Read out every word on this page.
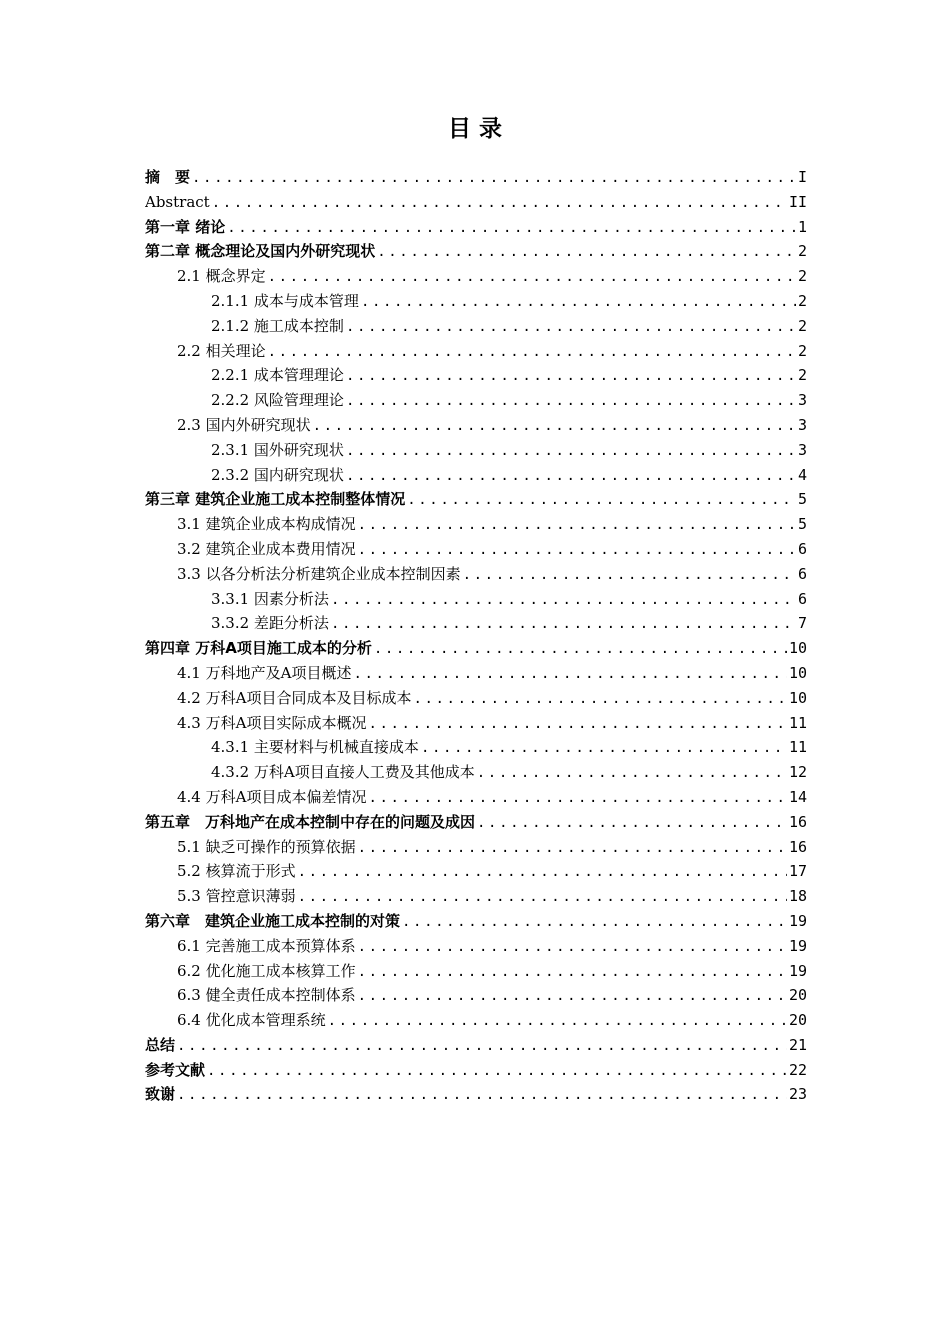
目 录
摘　要 .....	I
Abstract .....	II
第一章 绪论 .....	1
第二章 概念理论及国内外研究现状 .....	2
2.1 概念界定 .....	2
2.1.1 成本与成本管理 .....	2
2.1.2 施工成本控制 .....	2
2.2 相关理论 .....	2
2.2.1 成本管理理论 .....	2
2.2.2 风险管理理论 .....	3
2.3 国内外研究现状 .....	3
2.3.1 国外研究现状 .....	3
2.3.2 国内研究现状 .....	4
第三章 建筑企业施工成本控制整体情况 .....	5
3.1 建筑企业成本构成情况 .....	5
3.2 建筑企业成本费用情况 .....	6
3.3 以各分析法分析建筑企业成本控制因素 .....	6
3.3.1 因素分析法 .....	6
3.3.2 差距分析法 .....	7
第四章 万科A项目施工成本的分析 .....	10
4.1 万科地产及A项目概述 .....	10
4.2 万科A项目合同成本及目标成本 .....	10
4.3 万科A项目实际成本概况 .....	11
4.3.1 主要材料与机械直接成本 .....	11
4.3.2 万科A项目直接人工费及其他成本 .....	12
4.4 万科A项目成本偏差情况 .....	14
第五章　万科地产在成本控制中存在的问题及成因 .....	16
5.1 缺乏可操作的预算依据 .....	16
5.2 核算流于形式 .....	17
5.3 管控意识薄弱 .....	18
第六章　建筑企业施工成本控制的对策 .....	19
6.1 完善施工成本预算体系 .....	19
6.2 优化施工成本核算工作 .....	19
6.3 健全责任成本控制体系 .....	20
6.4 优化成本管理系统 .....	20
总结 .....	21
参考文献 .....	22
致谢 .....	23
